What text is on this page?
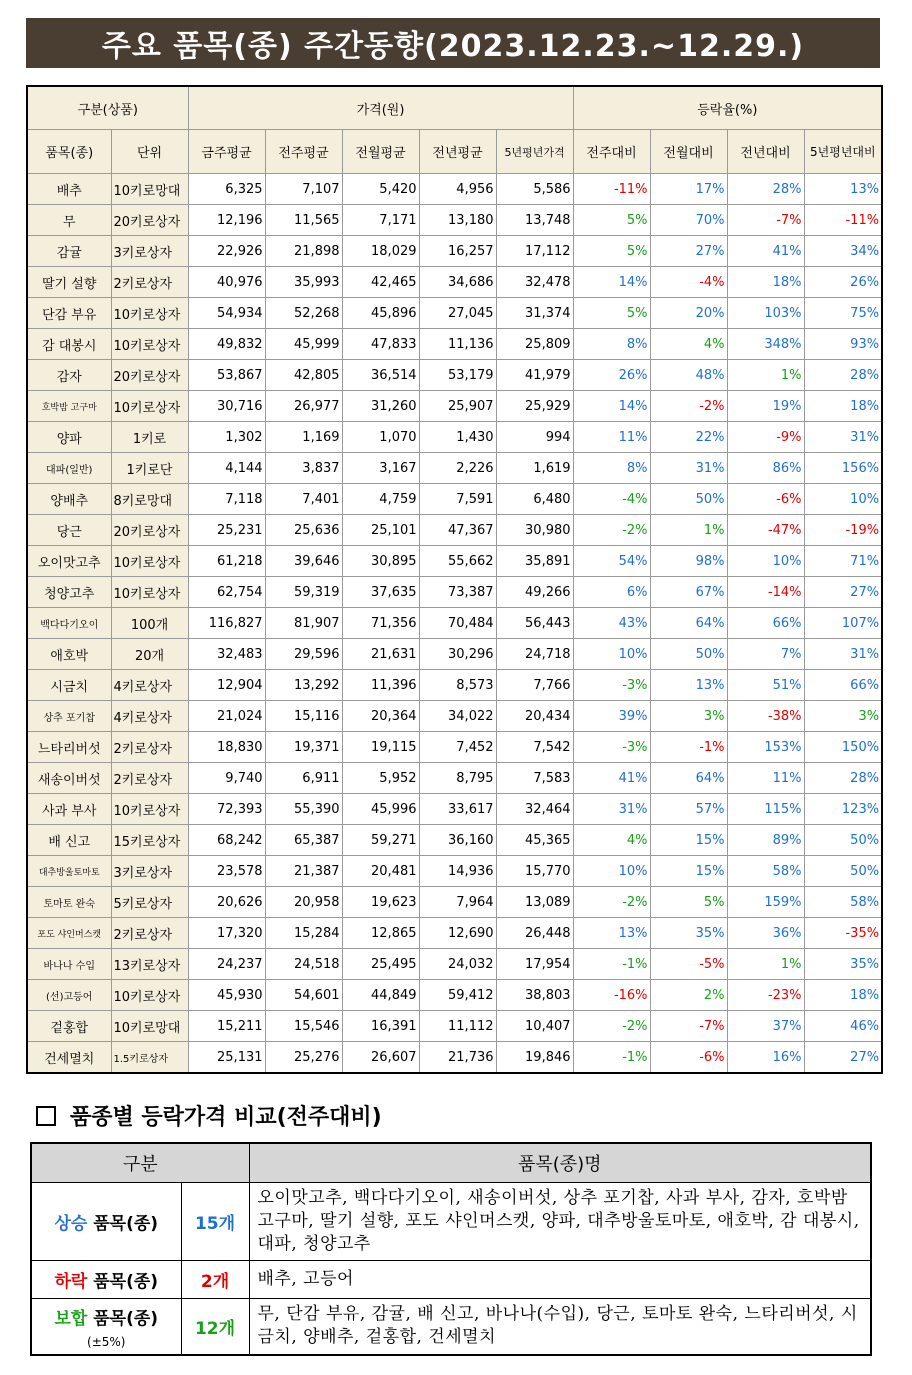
주요 품목(종) 주간동향(2023.12.23.~12.29.)
구분(상품)		가격(원)					등락율(%)			
품목(종)	단위	금주평균	전주평균	전월평균	전년평균	5년평년가격	전주대비	전월대비	전년대비	5년평년대비
배추	10키로망대	6,325	7,107	5,420	4,956	5,586	-11%	17%	28%	13%
무	20키로상자	12,196	11,565	7,171	13,180	13,748	5%	70%	-7%	-11%
감귤	3키로상자	22,926	21,898	18,029	16,257	17,112	5%	27%	41%	34%
딸기 설향	2키로상자	40,976	35,993	42,465	34,686	32,478	14%	-4%	18%	26%
단감 부유	10키로상자	54,934	52,268	45,896	27,045	31,374	5%	20%	103%	75%
감 대봉시	10키로상자	49,832	45,999	47,833	11,136	25,809	8%	4%	348%	93%
감자	20키로상자	53,867	42,805	36,514	53,179	41,979	26%	48%	1%	28%
호박밤 고구마	10키로상자	30,716	26,977	31,260	25,907	25,929	14%	-2%	19%	18%
양파	1키로	1,302	1,169	1,070	1,430	994	11%	22%	-9%	31%
대파(일반)	1키로단	4,144	3,837	3,167	2,226	1,619	8%	31%	86%	156%
양배추	8키로망대	7,118	7,401	4,759	7,591	6,480	-4%	50%	-6%	10%
당근	20키로상자	25,231	25,636	25,101	47,367	30,980	-2%	1%	-47%	-19%
오이맛고추	10키로상자	61,218	39,646	30,895	55,662	35,891	54%	98%	10%	71%
청양고추	10키로상자	62,754	59,319	37,635	73,387	49,266	6%	67%	-14%	27%
백다다기오이	100개	116,827	81,907	71,356	70,484	56,443	43%	64%	66%	107%
애호박	20개	32,483	29,596	21,631	30,296	24,718	10%	50%	7%	31%
시금치	4키로상자	12,904	13,292	11,396	8,573	7,766	-3%	13%	51%	66%
상추 포기찹	4키로상자	21,024	15,116	20,364	34,022	20,434	39%	3%	-38%	3%
느타리버섯	2키로상자	18,830	19,371	19,115	7,452	7,542	-3%	-1%	153%	150%
새송이버섯	2키로상자	9,740	6,911	5,952	8,795	7,583	41%	64%	11%	28%
사과 부사	10키로상자	72,393	55,390	45,996	33,617	32,464	31%	57%	115%	123%
배 신고	15키로상자	68,242	65,387	59,271	36,160	45,365	4%	15%	89%	50%
대추방울토마토	3키로상자	23,578	21,387	20,481	14,936	15,770	10%	15%	58%	50%
토마토 완숙	5키로상자	20,626	20,958	19,623	7,964	13,089	-2%	5%	159%	58%
포도 샤인머스캣	2키로상자	17,320	15,284	12,865	12,690	26,448	13%	35%	36%	-35%
바나나 수입	13키로상자	24,237	24,518	25,495	24,032	17,954	-1%	-5%	1%	35%
(선)고등어	10키로상자	45,930	54,601	44,849	59,412	38,803	-16%	2%	-23%	18%
겉홍합	10키로망대	15,211	15,546	16,391	11,112	10,407	-2%	-7%	37%	46%
건세멸치	1.5키로상자	25,131	25,276	26,607	21,736	19,846	-1%	-6%	16%	27%
품종별 등락가격 비교(전주대비)
구분		품목(종)명
상승 품목(종)	15개	오이맛고추, 백다다기오이, 새송이버섯, 상추 포기찹, 사과 부사, 감자, 호박밤 고구마, 딸기 설향, 포도 샤인머스캣, 양파, 대추방울토마토, 애호박, 감 대봉시, 대파, 청양고추
하락 품목(종)	2개	배추, 고등어
보합 품목(종)
(±5%)	12개	무, 단감 부유, 감귤, 배 신고, 바나나(수입), 당근, 토마토 완숙, 느타리버섯, 시금치, 양배추, 겉홍합, 건세멸치
